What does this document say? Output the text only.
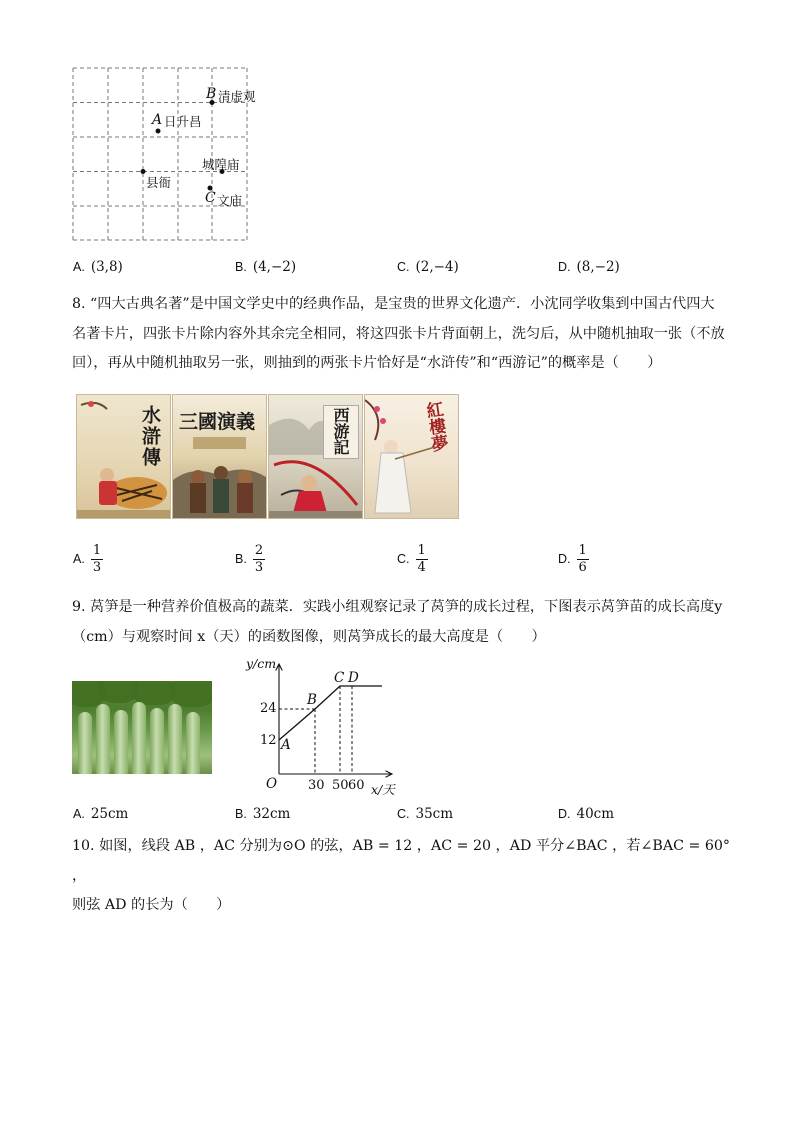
B 清虚观
A 日升昌
城隍庙
县衙
C 文庙
A. (3,8)	B. (4,−2)	C. (2,−4)	D. (8,−2)
8. “四大古典名著”是中国文学史中的经典作品，是宝贵的世界文化遗产．小沈同学收集到中国古代四大
名著卡片，四张卡片除内容外其余完全相同，将这四张卡片背面朝上，洗匀后，从中随机抽取一张（不放
回），再从中随机抽取另一张，则抽到的两张卡片恰好是“水浒传”和“西游记”的概率是（　　）
水滸傳 三國演義	西游記	紅樓夢
A. $\frac{1}{3}$	B. $\frac{2}{3}$	C. $\frac{1}{4}$	D. $\frac{1}{6}$
9. 莴笋是一种营养价值极高的蔬菜．实践小组观察记录了莴笋的成长过程，下图表示莴笋苗的成长高度y
（cm）与观察时间 x（天）的函数图像，则莴笋成长的最大高度是（　　）
y/cm
C D
B
24
12 A
O 30 50 60 x/天
A. 25cm	B. 32cm	C. 35cm	D. 40cm
10. 如图，线段 AB ，AC 分别为⊙O 的弦，AB = 12 ，AC = 20 ，AD 平分∠BAC ，若∠BAC = 60° ，
则弦 AD 的长为（　　）
